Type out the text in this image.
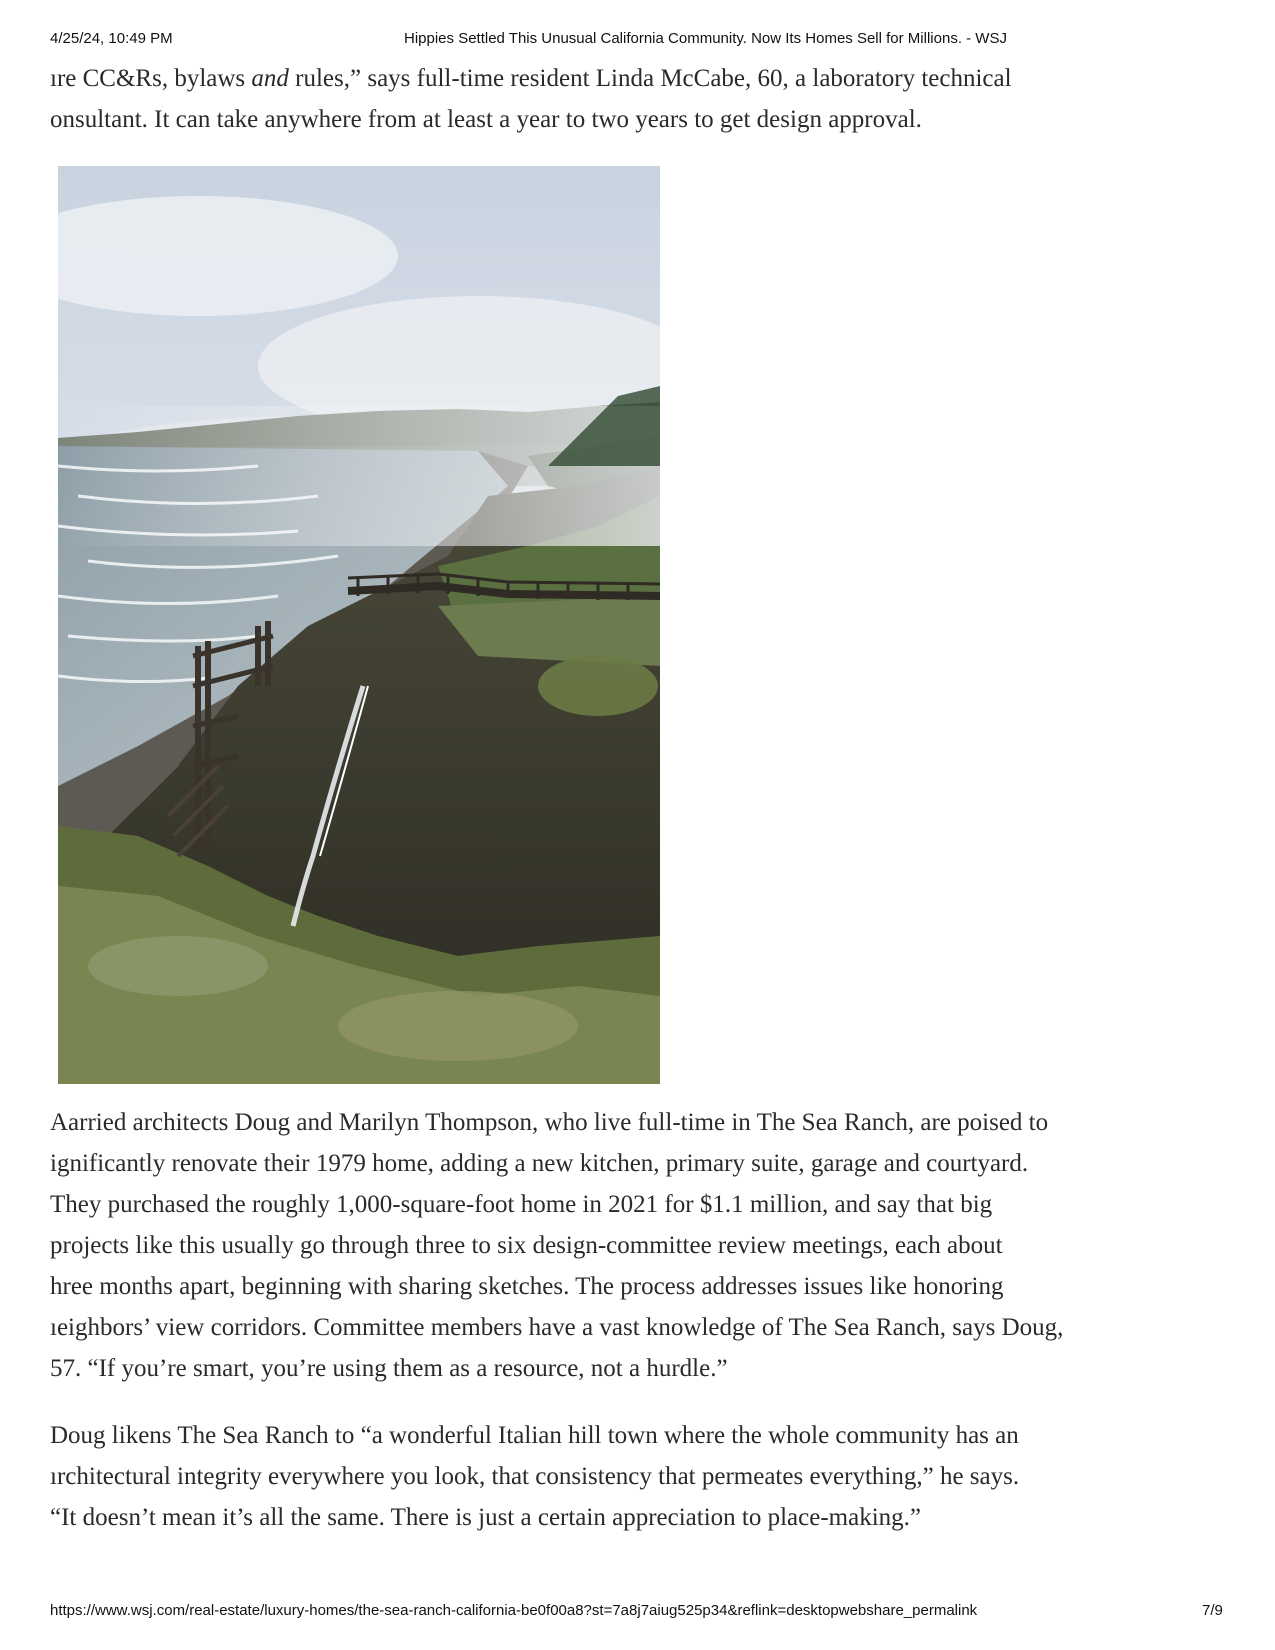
4/25/24, 10:49 PM	Hippies Settled This Unusual California Community. Now Its Homes Sell for Millions. - WSJ
ıre CC&Rs, bylaws and rules,” says full-time resident Linda McCabe, 60, a laboratory technical
onsultant. It can take anywhere from at least a year to two years to get design approval.
Aarried architects Doug and Marilyn Thompson, who live full-time in The Sea Ranch, are poised to
ignificantly renovate their 1979 home, adding a new kitchen, primary suite, garage and courtyard.
They purchased the roughly 1,000-square-foot home in 2021 for $1.1 million, and say that big
projects like this usually go through three to six design-committee review meetings, each about
hree months apart, beginning with sharing sketches. The process addresses issues like honoring
ıeighbors’ view corridors. Committee members have a vast knowledge of The Sea Ranch, says Doug,
57. “If you’re smart, you’re using them as a resource, not a hurdle.”
Doug likens The Sea Ranch to “a wonderful Italian hill town where the whole community has an
ırchitectural integrity everywhere you look, that consistency that permeates everything,” he says.
“It doesn’t mean it’s all the same. There is just a certain appreciation to place-making.”
https://www.wsj.com/real-estate/luxury-homes/the-sea-ranch-california-be0f00a8?st=7a8j7aiug525p34&reflink=desktopwebshare_permalink	7/9
